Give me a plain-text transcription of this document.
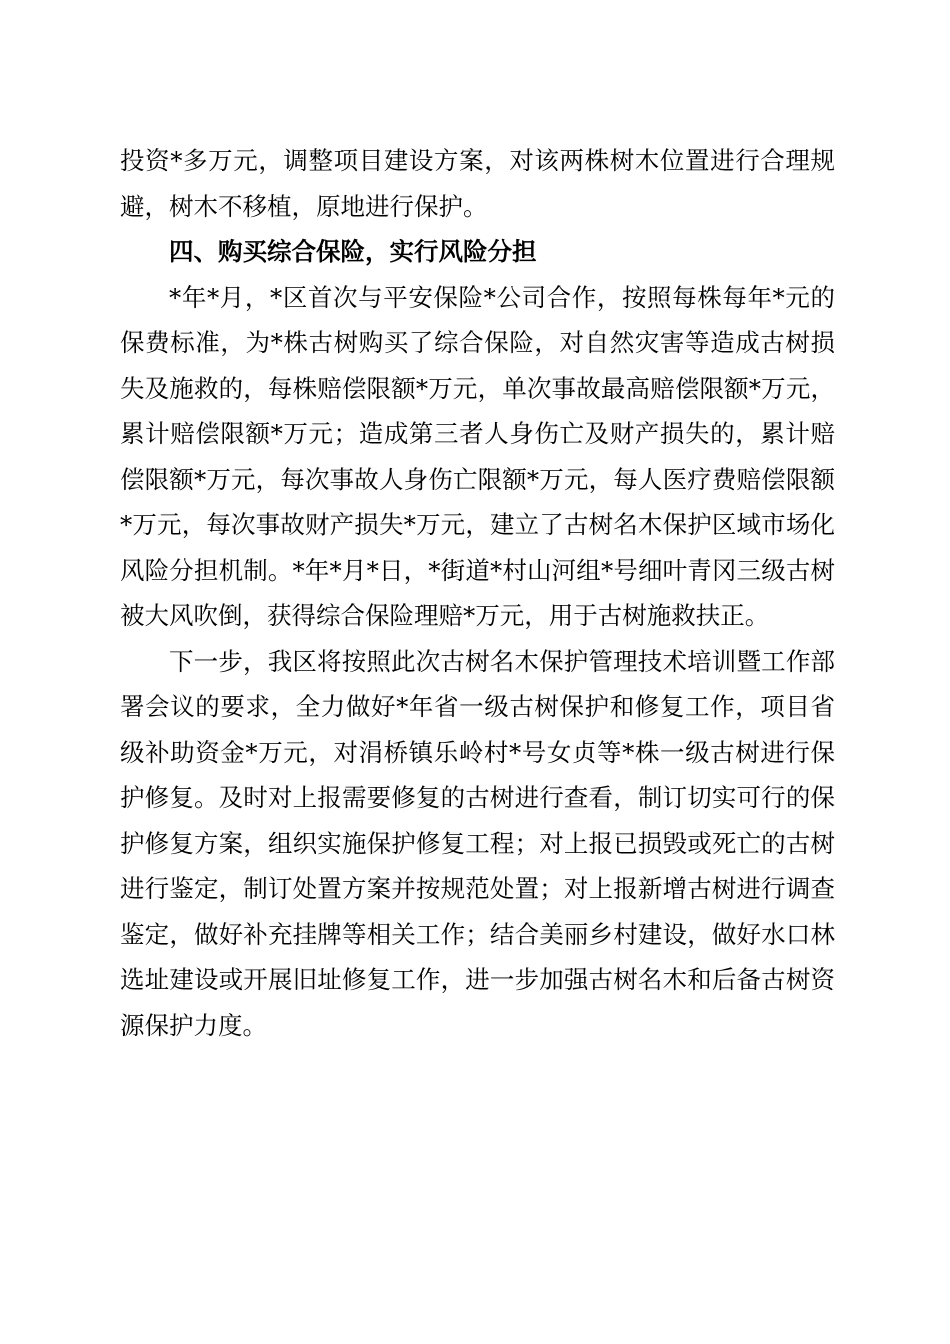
投资*多万元，调整项目建设方案，对该两株树木位置进行合理规避，树木不移植，原地进行保护。

四、购买综合保险，实行风险分担

*年*月，*区首次与平安保险*公司合作，按照每株每年*元的保费标准，为*株古树购买了综合保险，对自然灾害等造成古树损失及施救的，每株赔偿限额*万元，单次事故最高赔偿限额*万元，累计赔偿限额*万元；造成第三者人身伤亡及财产损失的，累计赔偿限额*万元，每次事故人身伤亡限额*万元，每人医疗费赔偿限额*万元，每次事故财产损失*万元，建立了古树名木保护区域市场化风险分担机制。*年*月*日，*街道*村山河组*号细叶青冈三级古树被大风吹倒，获得综合保险理赔*万元，用于古树施救扶正。

下一步，我区将按照此次古树名木保护管理技术培训暨工作部署会议的要求，全力做好*年省一级古树保护和修复工作，项目省级补助资金*万元，对涓桥镇乐岭村*号女贞等*株一级古树进行保护修复。及时对上报需要修复的古树进行查看，制订切实可行的保护修复方案，组织实施保护修复工程；对上报已损毁或死亡的古树进行鉴定，制订处置方案并按规范处置；对上报新增古树进行调查鉴定，做好补充挂牌等相关工作；结合美丽乡村建设，做好水口林选址建设或开展旧址修复工作，进一步加强古树名木和后备古树资源保护力度。
